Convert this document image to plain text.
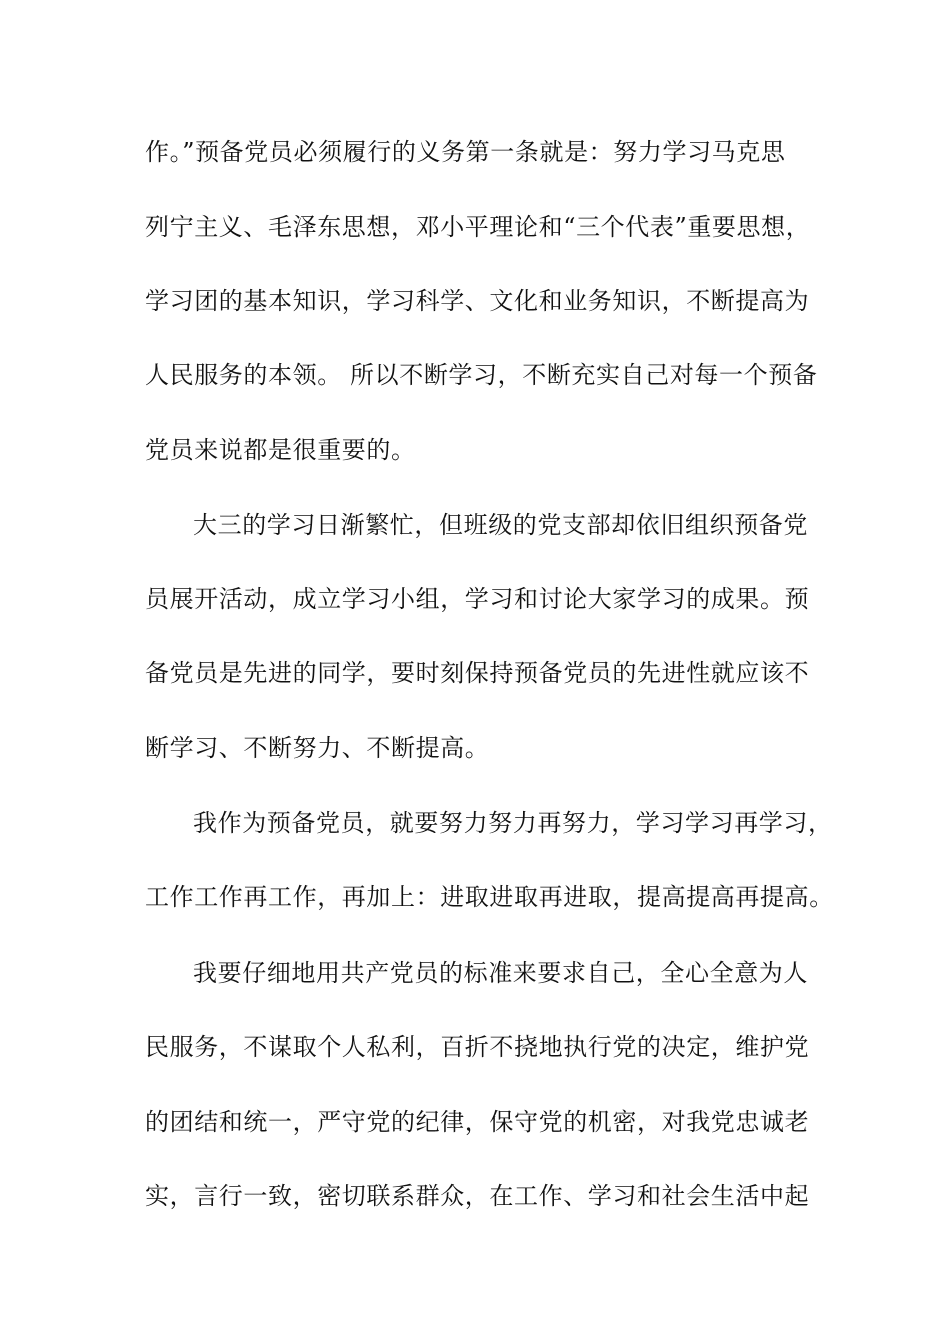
作。”预备党员必须履行的义务第一条就是：努力学习马克思
列宁主义、毛泽东思想，邓小平理论和“三个代表”重要思想，
学习团的基本知识，学习科学、文化和业务知识，不断提高为
人民服务的本领。 所以不断学习，不断充实自己对每一个预备
党员来说都是很重要的。
大三的学习日渐繁忙，但班级的党支部却依旧组织预备党
员展开活动，成立学习小组，学习和讨论大家学习的成果。预
备党员是先进的同学，要时刻保持预备党员的先进性就应该不
断学习、不断努力、不断提高。
我作为预备党员，就要努力努力再努力，学习学习再学习，
工作工作再工作，再加上：进取进取再进取，提高提高再提高。
我要仔细地用共产党员的标准来要求自己，全心全意为人
民服务，不谋取个人私利，百折不挠地执行党的决定，维护党
的团结和统一，严守党的纪律，保守党的机密，对我党忠诚老
实，言行一致，密切联系群众，在工作、学习和社会生活中起
